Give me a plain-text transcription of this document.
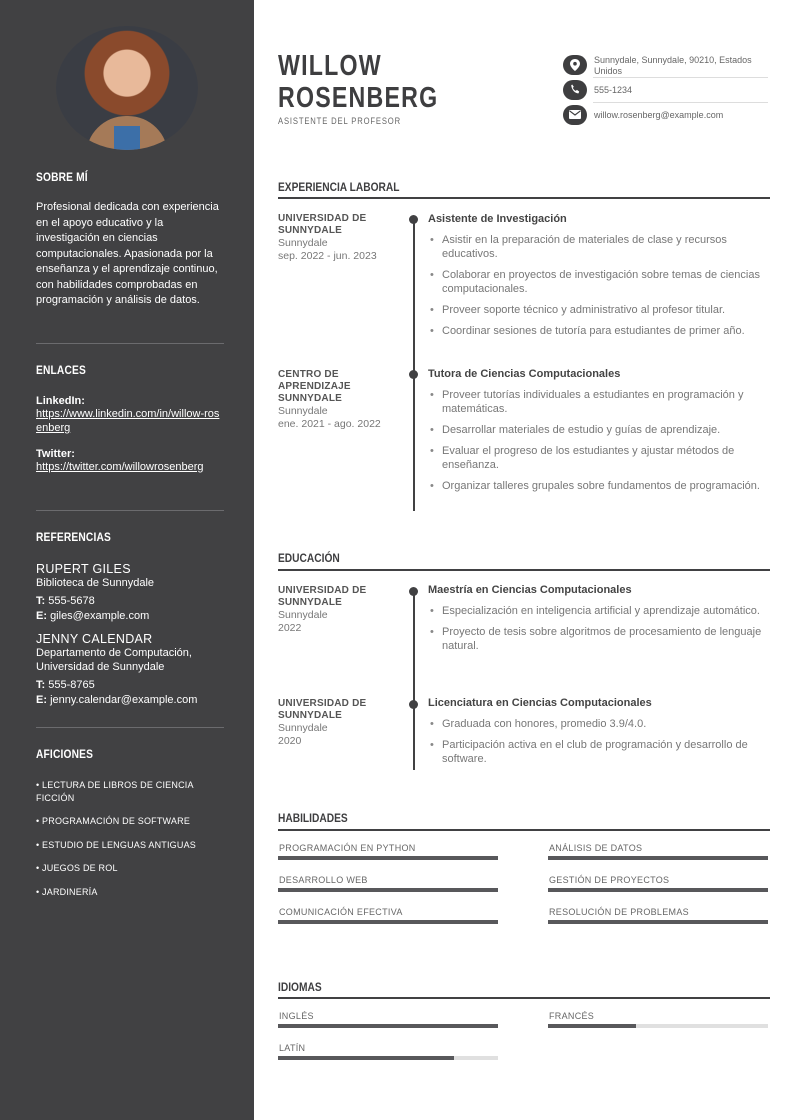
SOBRE MÍ
Profesional dedicada con experiencia en el apoyo educativo y la investigación en ciencias computacionales. Apasionada por la enseñanza y el aprendizaje continuo, con habilidades comprobadas en programación y análisis de datos.
ENLACES
LinkedIn:
https://www.linkedin.com/in/willow-rosenberg
Twitter:
https://twitter.com/willowrosenberg
REFERENCIAS
RUPERT GILES
Biblioteca de Sunnydale
T: 555-5678
E: giles@example.com
JENNY CALENDAR
Departamento de Computación, Universidad de Sunnydale
T: 555-8765
E: jenny.calendar@example.com
AFICIONES
• LECTURA DE LIBROS DE CIENCIA FICCIÓN
• PROGRAMACIÓN DE SOFTWARE
• ESTUDIO DE LENGUAS ANTIGUAS
• JUEGOS DE ROL
• JARDINERÍA
WILLOW
ROSENBERG
ASISTENTE DEL PROFESOR
Sunnydale, Sunnydale, 90210, Estados Unidos
555-1234
willow.rosenberg@example.com
EXPERIENCIA LABORAL
UNIVERSIDAD DE SUNNYDALE
Sunnydale
sep. 2022 - jun. 2023
Asistente de Investigación
• Asistir en la preparación de materiales de clase y recursos educativos.
• Colaborar en proyectos de investigación sobre temas de ciencias computacionales.
• Proveer soporte técnico y administrativo al profesor titular.
• Coordinar sesiones de tutoría para estudiantes de primer año.
CENTRO DE APRENDIZAJE SUNNYDALE
Sunnydale
ene. 2021 - ago. 2022
Tutora de Ciencias Computacionales
• Proveer tutorías individuales a estudiantes en programación y matemáticas.
• Desarrollar materiales de estudio y guías de aprendizaje.
• Evaluar el progreso de los estudiantes y ajustar métodos de enseñanza.
• Organizar talleres grupales sobre fundamentos de programación.
EDUCACIÓN
UNIVERSIDAD DE SUNNYDALE
Sunnydale
2022
Maestría en Ciencias Computacionales
• Especialización en inteligencia artificial y aprendizaje automático.
• Proyecto de tesis sobre algoritmos de procesamiento de lenguaje natural.
UNIVERSIDAD DE SUNNYDALE
Sunnydale
2020
Licenciatura en Ciencias Computacionales
• Graduada con honores, promedio 3.9/4.0.
• Participación activa en el club de programación y desarrollo de software.
HABILIDADES
PROGRAMACIÓN EN PYTHON	ANÁLISIS DE DATOS
DESARROLLO WEB	GESTIÓN DE PROYECTOS
COMUNICACIÓN EFECTIVA	RESOLUCIÓN DE PROBLEMAS
IDIOMAS
INGLÉS	FRANCÉS
LATÍN
